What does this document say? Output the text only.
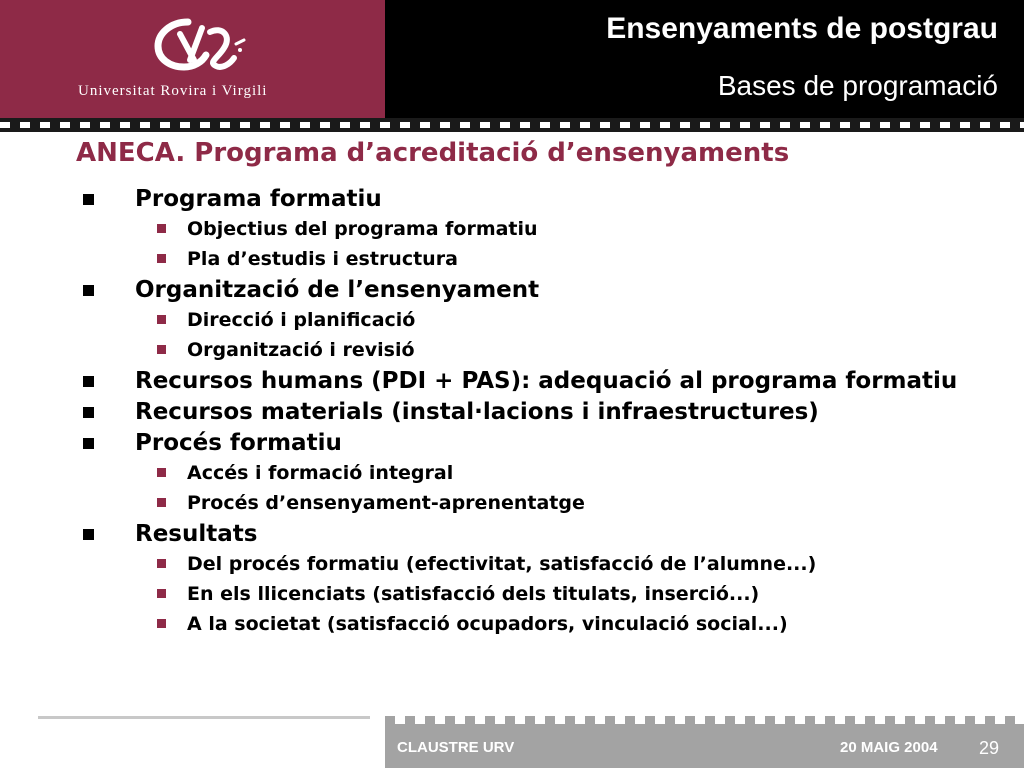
Universitat Rovira i Virgili
Ensenyaments de postgrau
Bases de programació
ANECA. Programa d’acreditació d’ensenyaments
Programa formatiu
Objectius del programa formatiu
Pla d’estudis i estructura
Organització de l’ensenyament
Direcció i planificació
Organització i revisió
Recursos humans (PDI + PAS): adequació al programa formatiu
Recursos materials (instal·lacions i infraestructures)
Procés formatiu
Accés i formació integral
Procés d’ensenyament-aprenentatge
Resultats
Del procés formatiu (efectivitat, satisfacció de l’alumne...)
En els llicenciats (satisfacció dels titulats, inserció...)
A la societat (satisfacció ocupadors, vinculació social...)
CLAUSTRE URV	20 MAIG 2004 29
